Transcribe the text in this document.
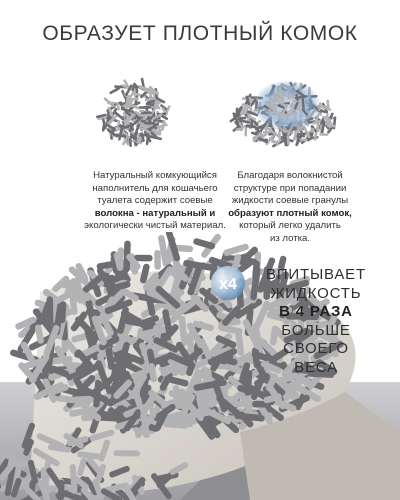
ОБРАЗУЕТ ПЛОТНЫЙ КОМОК
Натуральный комкующийся
наполнитель для кошачьего
туалета содержит соевые
волокна - натуральный и
экологически чистый материал.
Благодаря волокнистой
структуре при попадании
жидкости соевые гранулы
образуют плотный комок,
который легко удалить
из лотка.
x4
ВПИТЫВАЕТ
ЖИДКОСТЬ
В 4 РАЗА
БОЛЬШЕ
СВОЕГО
ВЕСА
